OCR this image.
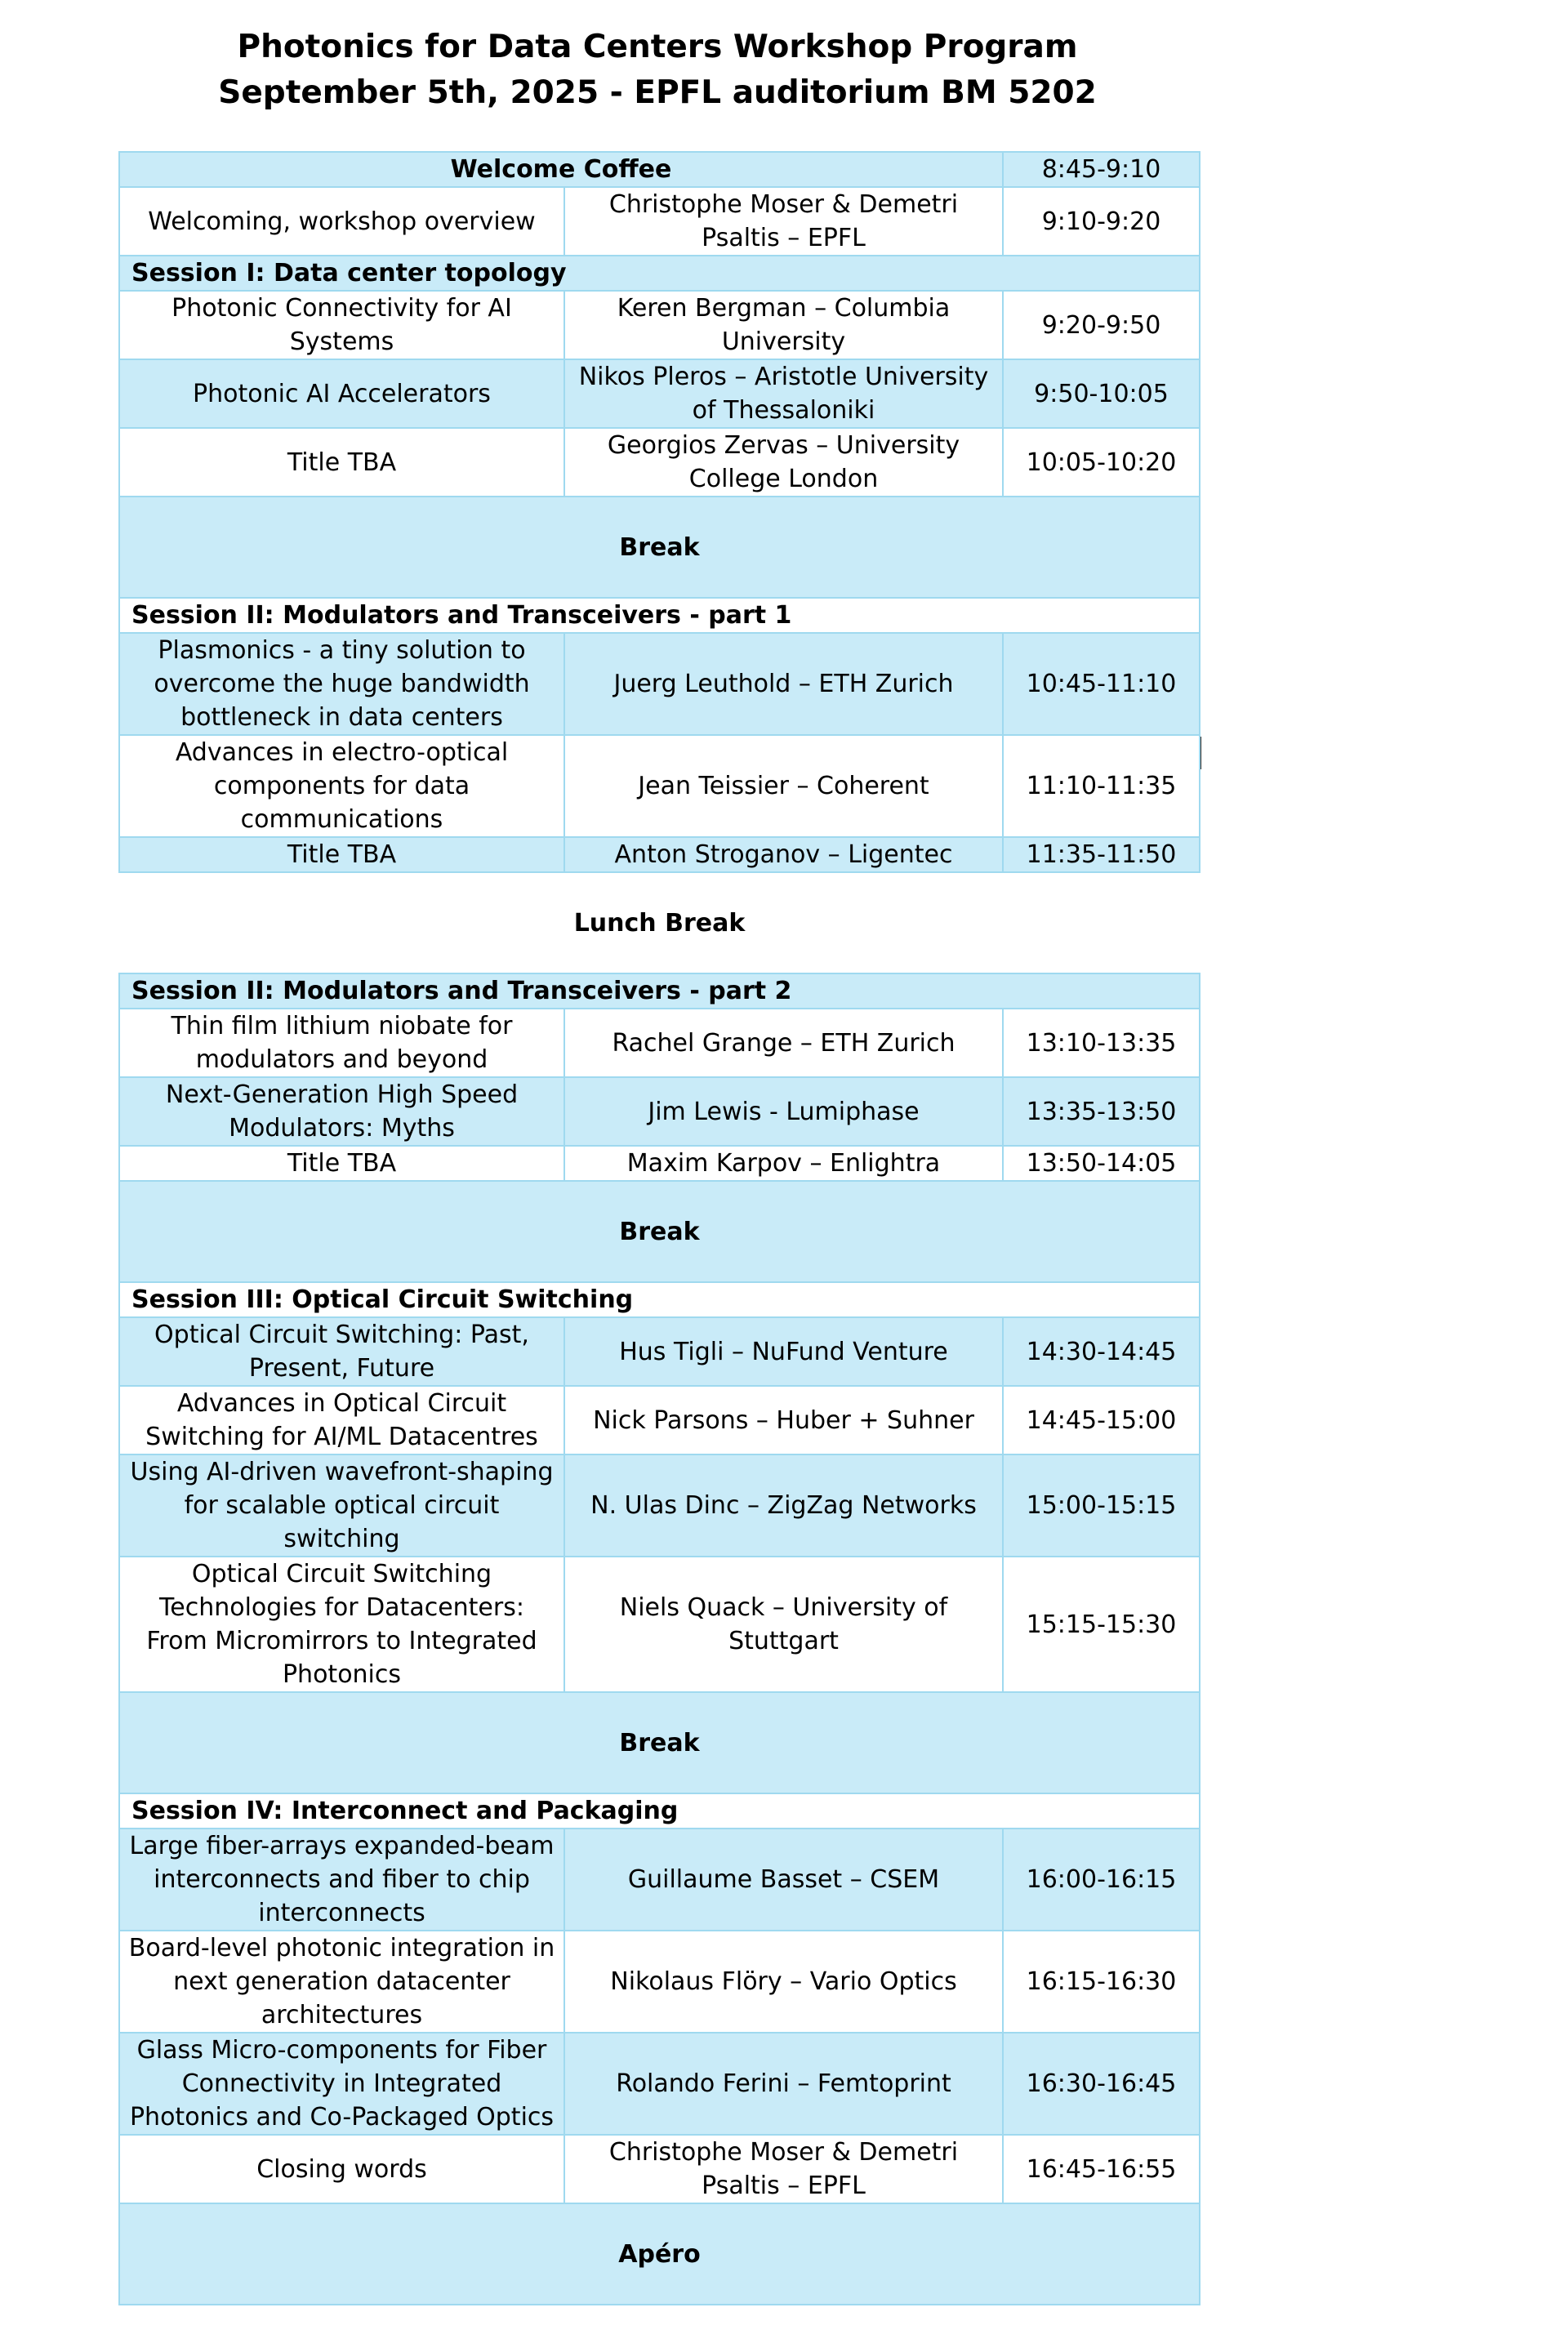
Photonics for Data Centers Workshop Program
September 5th, 2025 - EPFL auditorium BM 5202
Welcome Coffee		8:45-9:10
Welcoming, workshop overview	Christophe Moser & Demetri Psaltis – EPFL	9:10-9:20
Session I: Data center topology		
Photonic Connectivity for AI Systems	Keren Bergman – Columbia University	9:20-9:50
Photonic AI Accelerators	Nikos Pleros – Aristotle University of Thessaloniki	9:50-10:05
Title TBA	Georgios Zervas – University College London	10:05-10:20
Break		
Session II: Modulators and Transceivers - part 1		
Plasmonics - a tiny solution to overcome the huge bandwidth bottleneck in data centers	Juerg Leuthold – ETH Zurich	10:45-11:10
Advances in electro-optical components for data communications	Jean Teissier – Coherent	11:10-11:35
Title TBA	Anton Stroganov – Ligentec	11:35-11:50
Lunch Break		
Session II: Modulators and Transceivers - part 2		
Thin film lithium niobate for modulators and beyond	Rachel Grange – ETH Zurich	13:10-13:35
Next-Generation High Speed Modulators: Myths	Jim Lewis - Lumiphase	13:35-13:50
Title TBA	Maxim Karpov – Enlightra	13:50-14:05
Break		
Session III: Optical Circuit Switching		
Optical Circuit Switching: Past, Present, Future	Hus Tigli – NuFund Venture	14:30-14:45
Advances in Optical Circuit Switching for AI/ML Datacentres	Nick Parsons – Huber + Suhner	14:45-15:00
Using AI-driven wavefront-shaping for scalable optical circuit switching	N. Ulas Dinc – ZigZag Networks	15:00-15:15
Optical Circuit Switching Technologies for Datacenters: From Micromirrors to Integrated Photonics	Niels Quack – University of Stuttgart	15:15-15:30
Break		
Session IV: Interconnect and Packaging		
Large fiber-arrays expanded-beam interconnects and fiber to chip interconnects	Guillaume Basset – CSEM	16:00-16:15
Board-level photonic integration in next generation datacenter architectures	Nikolaus Flöry – Vario Optics	16:15-16:30
Glass Micro-components for Fiber Connectivity in Integrated Photonics and Co-Packaged Optics	Rolando Ferini – Femtoprint	16:30-16:45
Closing words	Christophe Moser & Demetri Psaltis – EPFL	16:45-16:55
Apéro		
